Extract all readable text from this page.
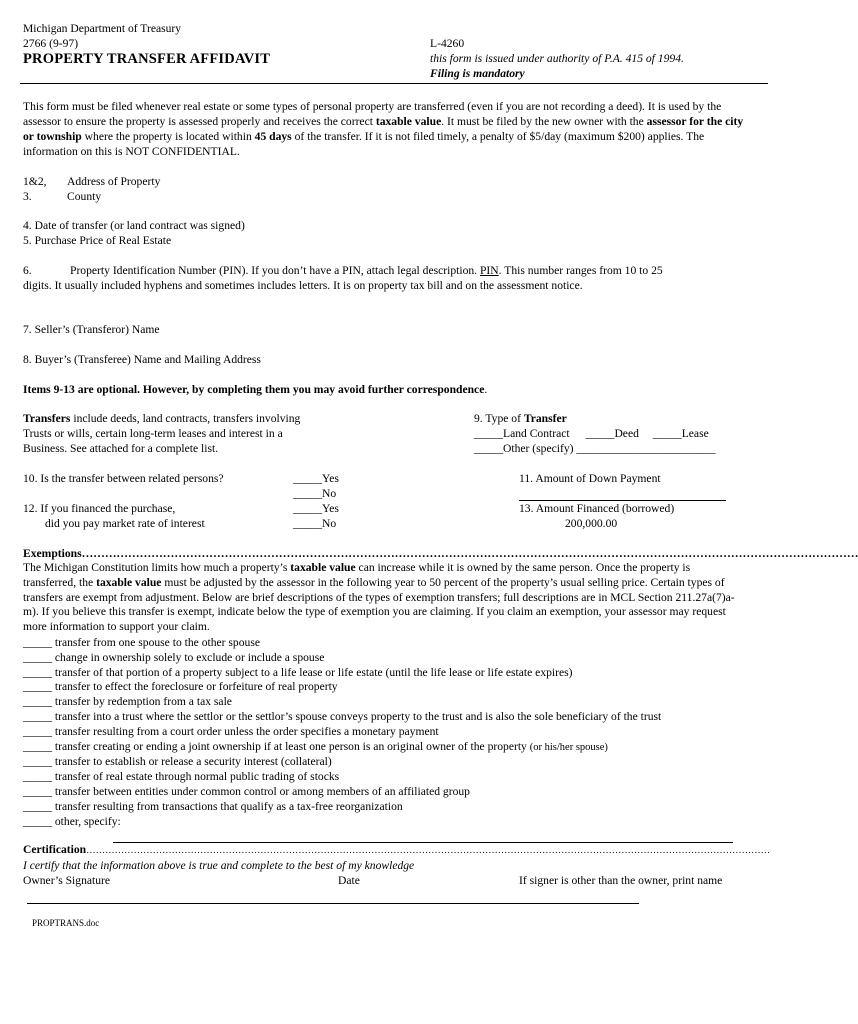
Michigan Department of Treasury
2766 (9-97)
PROPERTY TRANSFER AFFIDAVIT
L-4260
this form is issued under authority of P.A. 415 of 1994.
Filing is mandatory
This form must be filed whenever real estate or some types of personal property are transferred (even if you are not recording a deed). It is used by the assessor to ensure the property is assessed properly and receives the correct taxable value. It must be filed by the new owner with the assessor for the city or township where the property is located within 45 days of the transfer. If it is not filed timely, a penalty of $5/day (maximum $200) applies. The information on this is NOT CONFIDENTIAL.
1&2, Address of Property
3.	County
4. Date of transfer (or land contract was signed)
5. Purchase Price of Real Estate
6.	Property Identification Number (PIN). If you don’t have a PIN, attach legal description. PIN. This number ranges from 10 to 25
digits. It usually included hyphens and sometimes includes letters. It is on property tax bill and on the assessment notice.
7. Seller’s (Transferor) Name
8. Buyer’s (Transferee) Name and Mailing Address
Items 9-13 are optional. However, by completing them you may avoid further correspondence.
Transfers include deeds, land contracts, transfers involving
Trusts or wills, certain long-term leases and interest in a
Business. See attached for a complete list.
9. Type of Transfer
_____Land Contract _____Deed _____Lease
_____Other (specify) ________________________
10. Is the transfer between related persons?	_____Yes
_____No
11. Amount of Down Payment
12. If you financed the purchase,
did you pay market rate of interest
_____Yes
_____No
13. Amount Financed (borrowed)
200,000.00
Exemptions…………………………………………………………………………………………………………………………………………………………………………………
The Michigan Constitution limits how much a property’s taxable value can increase while it is owned by the same person. Once the property is transferred, the taxable value must be adjusted by the assessor in the following year to 50 percent of the property’s usual selling price. Certain types of transfers are exempt from adjustment. Below are brief descriptions of the types of exemption transfers; full descriptions are in MCL Section 211.27a(7)a-m). If you believe this transfer is exempt, indicate below the type of exemption you are claiming. If you claim an exemption, your assessor may request more information to support your claim.
_____ transfer from one spouse to the other spouse
_____ change in ownership solely to exclude or include a spouse
_____ transfer of that portion of a property subject to a life lease or life estate (until the life lease or life estate expires)
_____ transfer to effect the foreclosure or forfeiture of real property
_____ transfer by redemption from a tax sale
_____ transfer into a trust where the settlor or the settlor’s spouse conveys property to the trust and is also the sole beneficiary of the trust
_____ transfer resulting from a court order unless the order specifies a monetary payment
_____ transfer creating or ending a joint ownership if at least one person is an original owner of the property (or his/her spouse)
_____ transfer to establish or release a security interest (collateral)
_____ transfer of real estate through normal public trading of stocks
_____ transfer between entities under common control or among members of an affiliated group
_____ transfer resulting from transactions that qualify as a tax-free reorganization
_____ other, specify:
Certification………………………………………………………………………………………………………………………………………………………………………………………………
I certify that the information above is true and complete to the best of my knowledge
Owner’s Signature	Date	If signer is other than the owner, print name
PROPTRANS.doc
